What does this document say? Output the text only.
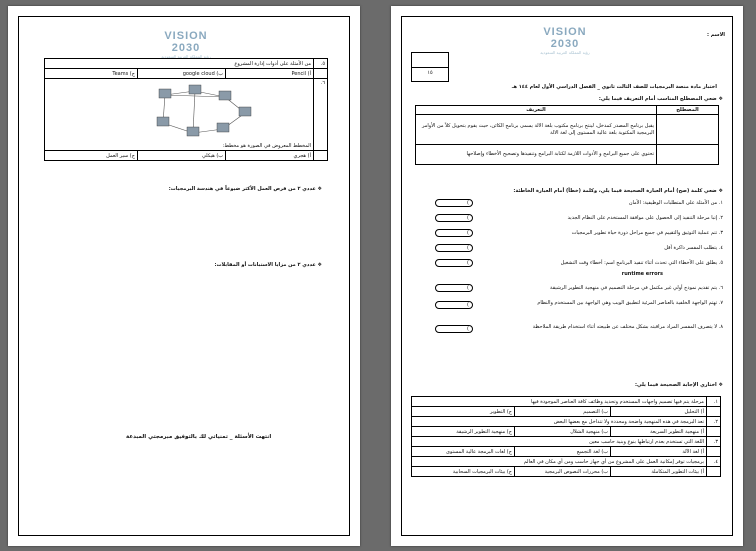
VISION 2030
رؤية المملكة العربية السعودية
٥.	من الأمثلة على أدوات إدارة المشروع		
	أ) Pencil	ب) google cloud	ج) Teams
٦.	المخطط المعروض في الصورة هو مخطط:		
	أ) هجري	ب) هيكلي	ج) سير العمل
❖ عددي ٢ من فرص العمل الأكثر ضيوعاً في هندسة البرمجيات:
❖ عددي ٢ من مزايا الاستبانات أو المقابلات:
انتهت الأسئلة _ تمنياتي لك بالتوفيق مبرمجتي المبدعة
الاسم :
VISION 2030
رؤية المملكة العربية السعودية
١٥
اختبار مادة منصة البرمجيات للصف الثالث ثانوي _ الفصل الدراسي الأول لعام ١٤٤ هـ
❖ ضعي المصطلح المناسب أمام التعريف فيما يلي:
المصطلح	التعريف
	يقبل برنامج المصدر كمدخل، لينتج برنامج مكتوب بلغة الالة يسمى برنامج الكائن، حيث يقوم بتحويل كلاً من الأوامر البرمجية المكتوبة بلغة عالية المستوى إلى لغة الالة
	تحتوي على جميع البرامج و الأدوات اللازمة لكتابة البرامج وتنفيذها وتصحيح الأخطاء وإصلاحها
❖ ضعي كلمة (صح) أمام العبارة الصحيحة فيما يلي، وكلمة (خطأ) أمام العبارة الخاطئة:
١. من الأمثلة على المتطلبات الوظيفية: الأمان
(
٢. إتبا مرحلة التنفيذ إلى الحصول على موافقة المستخدم على النظام الجديد
(
٣. تتم عملية التوثيق والتقييم في جميع مراحل دورة حياة تطوير البرمجيات
(
٤. يتطلب المفسر ذاكرة أقل
(
٥. يطلق على الأخطاء التي تحدث أثناء تنفيذ البرنامج اسم: أخطاء وقت التشغيل
(
runtime errors
٦. يتم تقديم نموذج أولي غير مكتمل في مرحلة التصميم في منهجية التطوير الرشيقة
(
٧. تهتم الواجهة الخلفية بالعناصر المرئية لتطبيق الويب وهي الواجهة بين المستخدم والنظام
(
٨. لا يتصرف المفسر المراد مراقبته بشكل مختلف عن طبيعته أثناء استخدام طريقة الملاحظة
(
❖ اختاري الإجابة الصحيحة فيما يلي:
١.	مرحلة يتم فيها تصميم واجهات المستخدم وتحديد وظائف كافة العناصر الموجودة فيها		
	أ) التحليل	ب) التصميم	ج) التطوير
٢.	تعد البرمجة في هذه المنهجية واضحة ومحددة ولا تتداخل مع بعضها البعض		
	أ) منهجية التطوير السريعة	ب) منهجية الشلال	ج) منهجية التطوير الرشيقة
٣.	اللغة التي تستخدم بعدم ارتباطها بنوع وبنية حاسب معين		
	أ) لغة الآلة	ب) لغة التجميع	ج) لغات البرمجة عالية المستوى
٤.	برمجيات توفر إمكانية العمل على المشروع من أي جهاز حاسب ومن أي مكان في العالم		
	أ) بيئات التطوير المتكاملة	ب) محررات النصوص البرمجية	ج) بيئات البرمجيات السحابية
